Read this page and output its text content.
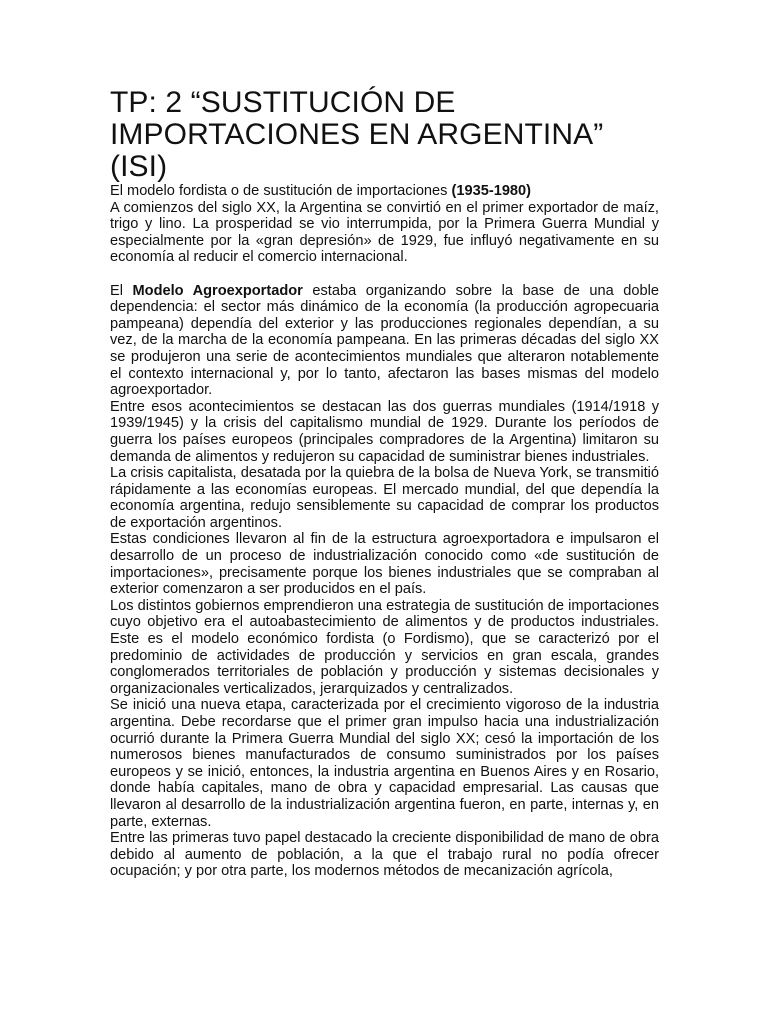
TP: 2 “SUSTITUCIÓN DE IMPORTACIONES EN ARGENTINA” (ISI)

El modelo fordista o de sustitución de importaciones (1935-1980)

A comienzos del siglo XX, la Argentina se convirtió en el primer exportador de maíz, trigo y lino. La prosperidad se vio interrumpida, por la Primera Guerra Mundial y especialmente por la «gran depresión» de 1929, fue influyó negativamente en su economía al reducir el comercio internacional.

El Modelo Agroexportador estaba organizando sobre la base de una doble dependencia: el sector más dinámico de la economía (la producción agropecuaria pampeana) dependía del exterior y las producciones regionales dependían, a su vez, de la marcha de la economía pampeana. En las primeras décadas del siglo XX se produjeron una serie de acontecimientos mundiales que alteraron notablemente el contexto internacional y, por lo tanto, afectaron las bases mismas del modelo agroexportador.

Entre esos acontecimientos se destacan las dos guerras mundiales (1914/1918 y 1939/1945) y la crisis del capitalismo mundial de 1929. Durante los períodos de guerra los países europeos (principales compradores de la Argentina) limitaron su demanda de alimentos y redujeron su capacidad de suministrar bienes industriales.

La crisis capitalista, desatada por la quiebra de la bolsa de Nueva York, se transmitió rápidamente a las economías europeas. El mercado mundial, del que dependía la economía argentina, redujo sensiblemente su capacidad de comprar los productos de exportación argentinos.

Estas condiciones llevaron al fin de la estructura agroexportadora e impulsaron el desarrollo de un proceso de industrialización conocido como «de sustitución de importaciones», precisamente porque los bienes industriales que se compraban al exterior comenzaron a ser producidos en el país.

Los distintos gobiernos emprendieron una estrategia de sustitución de importaciones cuyo objetivo era el autoabastecimiento de alimentos y de productos industriales. Este es el modelo económico fordista (o Fordismo), que se caracterizó por el predominio de actividades de producción y servicios en gran escala, grandes conglomerados territoriales de población y producción y sistemas decisionales y organizacionales verticalizados, jerarquizados y centralizados.

Se inició una nueva etapa, caracterizada por el crecimiento vigoroso de la industria argentina. Debe recordarse que el primer gran impulso hacia una industrialización ocurrió durante la Primera Guerra Mundial del siglo XX; cesó la importación de los numerosos bienes manufacturados de consumo suministrados por los países europeos y se inició, entonces, la industria argentina en Buenos Aires y en Rosario, donde había capitales, mano de obra y capacidad empresarial. Las causas que llevaron al desarrollo de la industrialización argentina fueron, en parte, internas y, en parte, externas.

Entre las primeras tuvo papel destacado la creciente disponibilidad de mano de obra debido al aumento de población, a la que el trabajo rural no podía ofrecer ocupación; y por otra parte, los modernos métodos de mecanización agrícola,
